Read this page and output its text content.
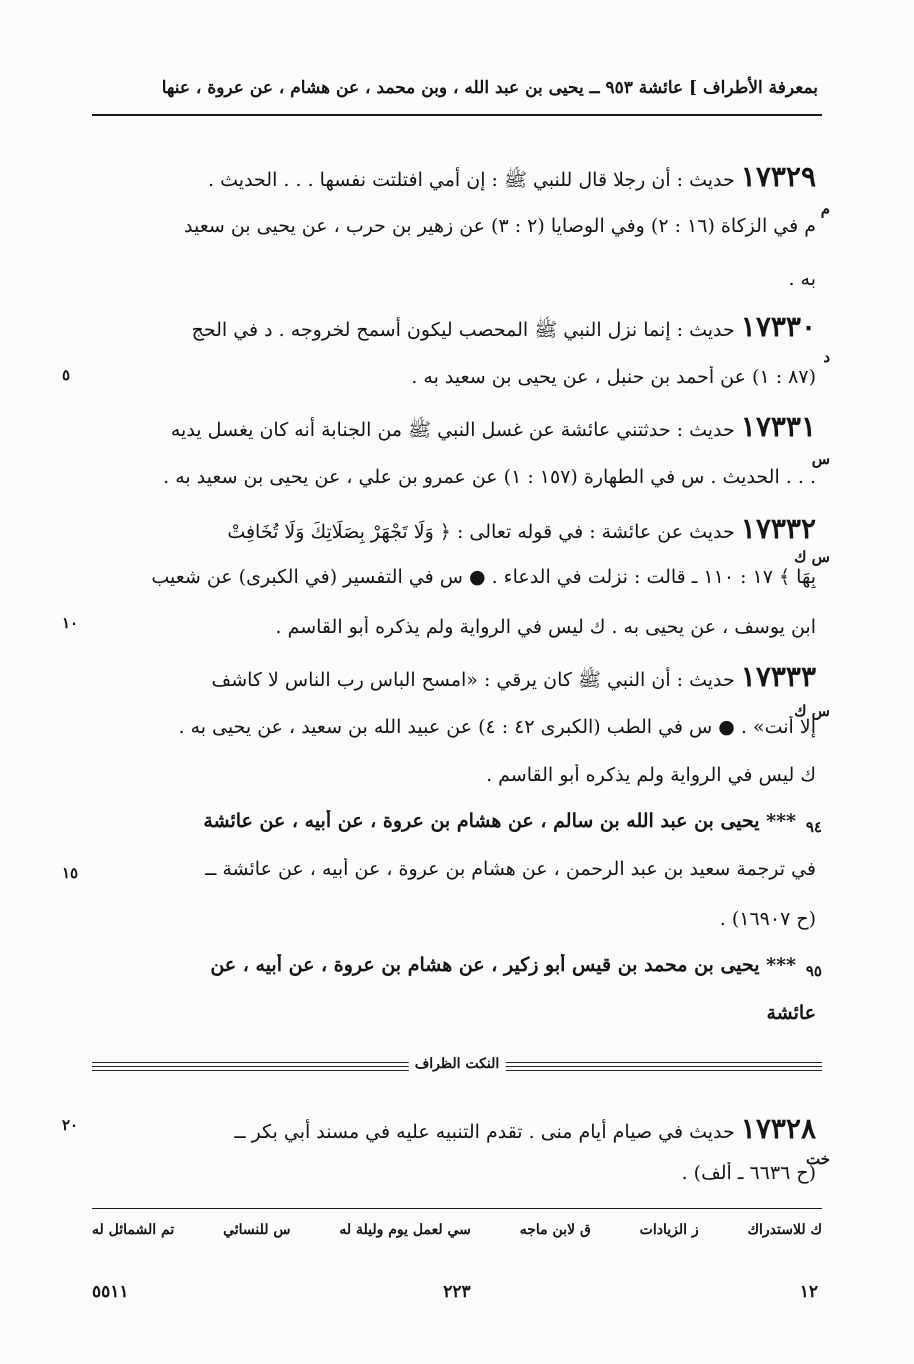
بمعرفة الأطراف ] عائشة ٩٥٣ ــ يحيى بن عبد الله ، وبن محمد ، عن هشام ، عن عروة ، عنها
١٧٣٢٩ حديث : أن رجلا قال للنبي ﷺ : إن أمي افتلتت نفسها . . . الحديث .
م
م في الزكاة (١٦ : ٢) وفي الوصايا (٢ : ٣) عن زهير بن حرب ، عن يحيى بن سعيد
به .
١٧٣٣٠ حديث : إنما نزل النبي ﷺ المحصب ليكون أسمح لخروجه . د في الحج
د
(٨٧ : ١) عن أحمد بن حنبل ، عن يحيى بن سعيد به .
١٧٣٣١ حديث : حدثتني عائشة عن غسل النبي ﷺ من الجنابة أنه كان يغسل يديه
س
. . . الحديث . س في الطهارة (١٥٧ : ١) عن عمرو بن علي ، عن يحيى بن سعيد به .
١٧٣٣٢ حديث عن عائشة : في قوله تعالى : ﴿ وَلَا تَجْهَرْ بِصَلَاتِكَ وَلَا تُخَافِتْ
س ك
بِهَا ﴾ ١٧ : ١١٠ ـ قالت : نزلت في الدعاء . ● س في التفسير (في الكبرى) عن شعيب
ابن يوسف ، عن يحيى به . ك ليس في الرواية ولم يذكره أبو القاسم .
١٧٣٣٣ حديث : أن النبي ﷺ كان يرقي : «امسح الباس رب الناس لا كاشف
س ك
إلا أنت» . ● س في الطب (الكبرى ٤٢ : ٤) عن عبيد الله بن سعيد ، عن يحيى به .
ك ليس في الرواية ولم يذكره أبو القاسم .
٩٤
*** يحيى بن عبد الله بن سالم ، عن هشام بن عروة ، عن أبيه ، عن عائشة
في ترجمة سعيد بن عبد الرحمن ، عن هشام بن عروة ، عن أبيه ، عن عائشة ــ
(ح ١٦٩٠٧) .
٩٥
*** يحيى بن محمد بن قيس أبو زكير ، عن هشام بن عروة ، عن أبيه ، عن
عائشة
النكت الظراف
١٧٣٢٨ حديث في صيام أيام منى . تقدم التنبيه عليه في مسند أبي بكر ــ
خت
(ح ٦٦٣٦ ـ ألف) .
٥
١٠
١٥
٢٠
تم الشمائل له	س للنسائي	سي لعمل يوم وليلة له	ق لابن ماجه	ز الزيادات	ك للاستدراك
٥٥١١	٢٢٣	١٢
